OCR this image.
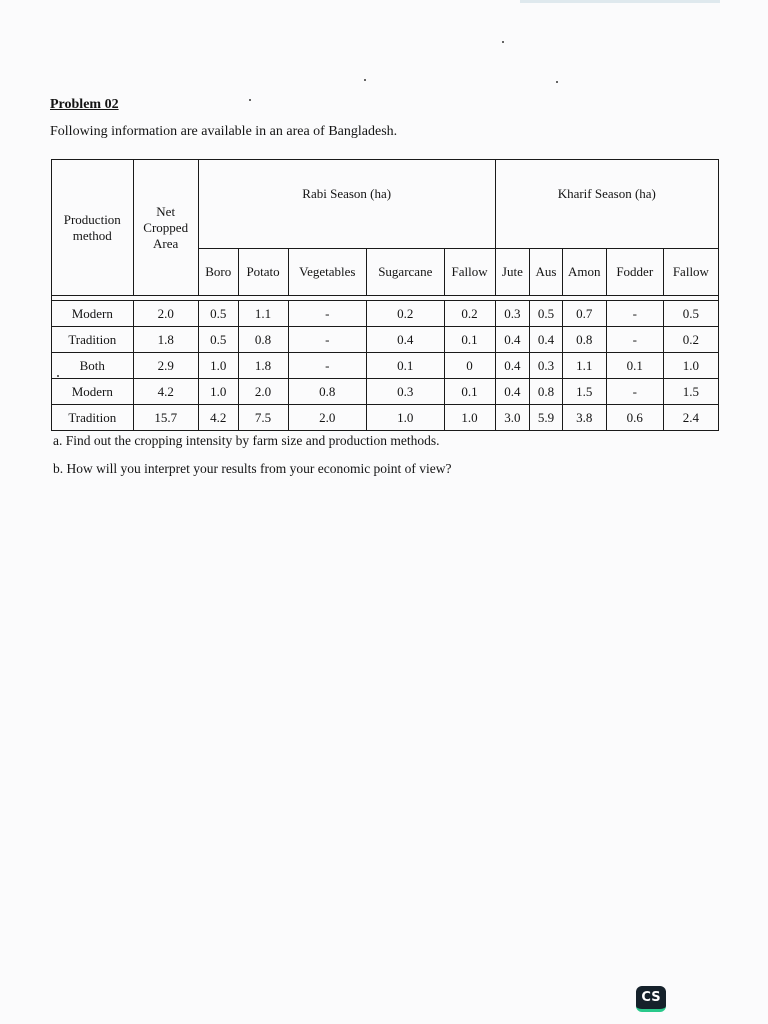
Problem 02
Following information are available in an area of Bangladesh.
Production method	Net Cropped Area	Rabi Season (ha)					Kharif Season (ha)				
		Boro	Potato	Vegetables	Sugarcane	Fallow	Jute	Aus	Amon	Fodder	Fallow

Modern	2.0	0.5	1.1	-	0.2	0.2	0.3	0.5	0.7	-	0.5
Tradition	1.8	0.5	0.8	-	0.4	0.1	0.4	0.4	0.8	-	0.2
Both	2.9	1.0	1.8	-	0.1	0	0.4	0.3	1.1	0.1	1.0
Modern	4.2	1.0	2.0	0.8	0.3	0.1	0.4	0.8	1.5	-	1.5
Tradition	15.7	4.2	7.5	2.0	1.0	1.0	3.0	5.9	3.8	0.6	2.4
a. Find out the cropping intensity by farm size and production methods.
b. How will you interpret your results from your economic point of view?
CS
